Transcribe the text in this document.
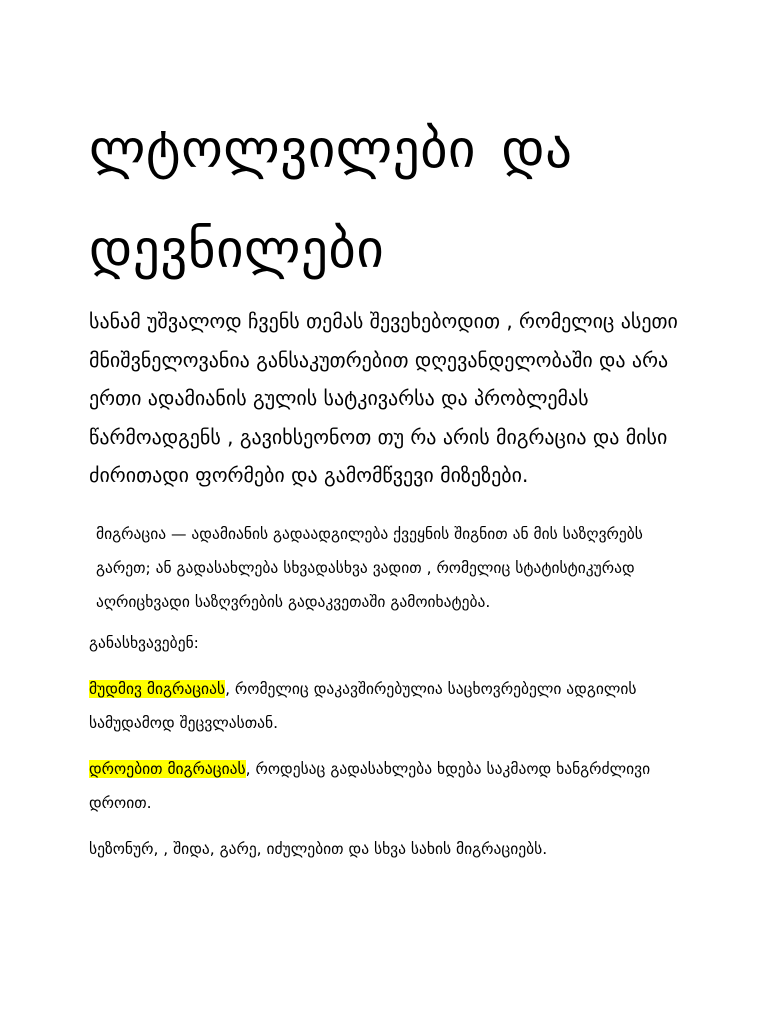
ლტოლვილები და დევნილები

სანამ უშვალოდ ჩვენს თემას შევეხებოდით , რომელიც ასეთი მნიშვნელოვანია განსაკუთრებით დღევანდელობაში და არა ერთი ადამიანის გულის სატკივარსა და პრობლემას წარმოადგენს , გავიხსეონოთ თუ რა არის მიგრაცია და მისი ძირითადი ფორმები და გამომწვევი მიზეზები.

მიგრაცია — ადამიანის გადაადგილება ქვეყნის შიგნით ან მის საზღვრებს გარეთ; ან გადასახლება სხვადასხვა ვადით , რომელიც სტატისტიკურად აღრიცხვადი საზღვრების გადაკვეთაში გამოიხატება.

განასხვავებენ:

მუდმივ მიგრაციას, რომელიც დაკავშირებულია საცხოვრებელი ადგილის სამუდამოდ შეცვლასთან.

დროებით მიგრაციას, როდესაც გადასახლება ხდება საკმაოდ ხანგრძლივი დროით.

სეზონურ, , შიდა, გარე, იძულებით და სხვა სახის მიგრაციებს.
